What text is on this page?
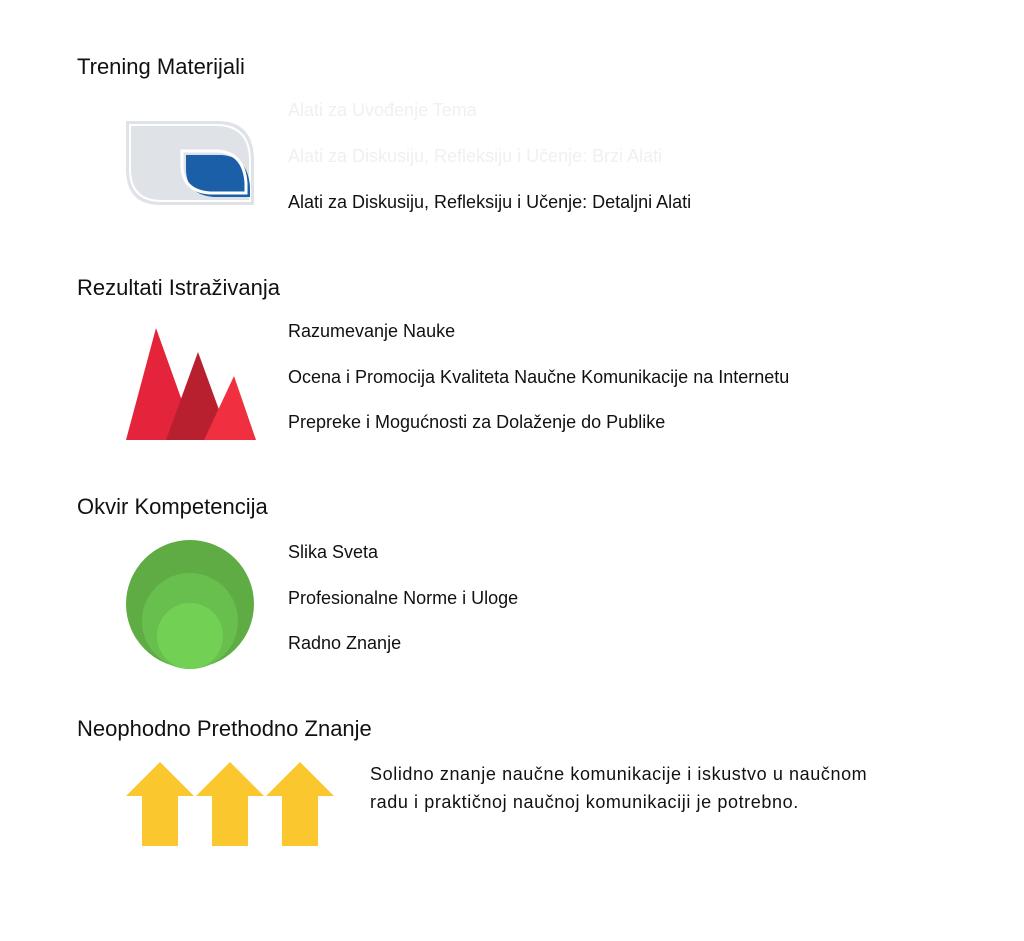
Trening Materijali

Alati za Uvođenje Tema

Alati za Diskusiju, Refleksiju i Učenje: Brzi Alati

Alati za Diskusiju, Refleksiju i Učenje: Detaljni Alati

Rezultati Istraživanja

Razumevanje Nauke

Ocena i Promocija Kvaliteta Naučne Komunikacije na Internetu

Prepreke i Mogućnosti za Dolaženje do Publike

Okvir Kompetencija

Slika Sveta

Profesionalne Norme i Uloge

Radno Znanje

Neophodno Prethodno Znanje

Solidno znanje naučne komunikacije i iskustvo u naučnom
radu i praktičnoj naučnoj komunikaciji je potrebno.
